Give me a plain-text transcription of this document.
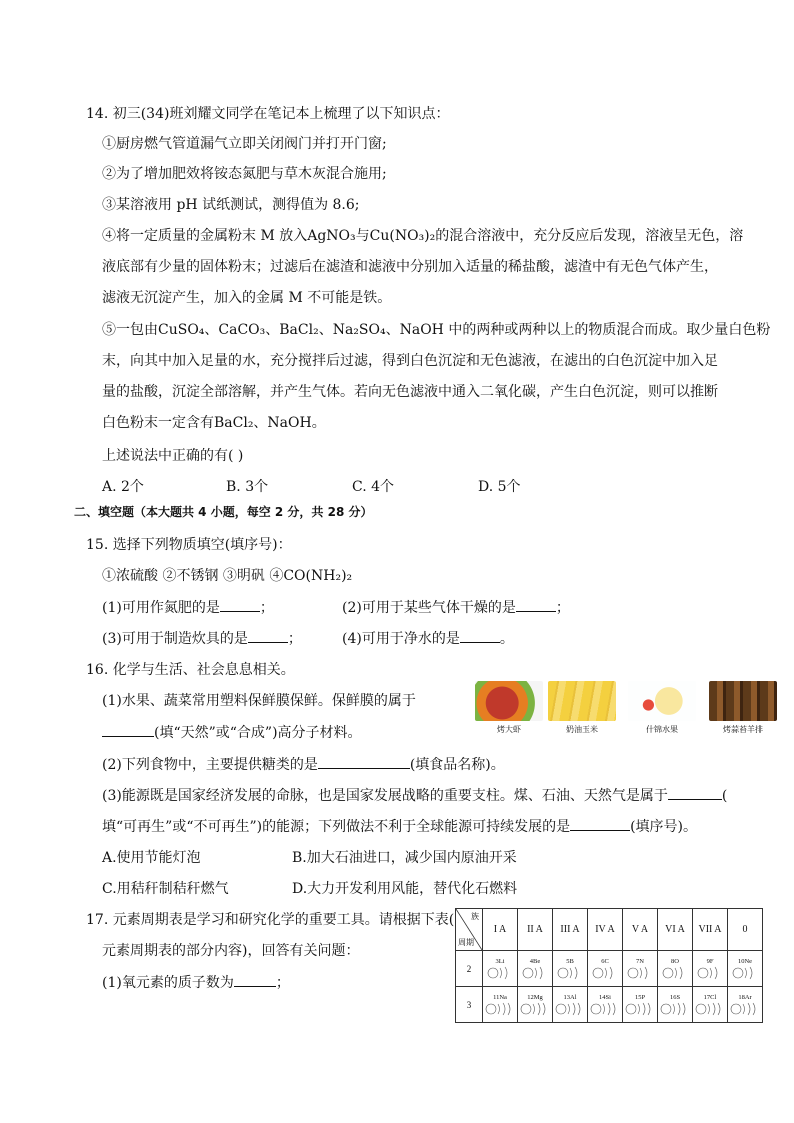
14. 初三(34)班刘耀文同学在笔记本上梳理了以下知识点：
①厨房燃气管道漏气立即关闭阀门并打开门窗;
②为了增加肥效将铵态氮肥与草木灰混合施用;
③某溶液用 pH 试纸测试，测得值为 8.6;
④将一定质量的金属粉末 M 放入AgNO₃与Cu(NO₃)₂的混合溶液中，充分反应后发现，溶液呈无色，溶
液底部有少量的固体粉末；过滤后在滤渣和滤液中分别加入适量的稀盐酸，滤渣中有无色气体产生，
滤液无沉淀产生，加入的金属 M 不可能是铁。
⑤一包由CuSO₄、CaCO₃、BaCl₂、Na₂SO₄、NaOH 中的两种或两种以上的物质混合而成。取少量白色粉
末，向其中加入足量的水，充分搅拌后过滤，得到白色沉淀和无色滤液，在滤出的白色沉淀中加入足
量的盐酸，沉淀全部溶解，并产生气体。若向无色滤液中通入二氧化碳，产生白色沉淀，则可以推断
白色粉末一定含有BaCl₂、NaOH。
上述说法中正确的有( )
A. 2个	B. 3个	C. 4个	D. 5个
二、填空题（本大题共 4 小题，每空 2 分，共 28 分）
15. 选择下列物质填空(填序号)：
①浓硫酸 ②不锈钢 ③明矾 ④CO(NH₂)₂
(1)可用作氮肥的是	；	(2)可用于某些气体干燥的是	；
(3)可用于制造炊具的是	；	(4)可用于净水的是	。
16. 化学与生活、社会息息相关。
(1)水果、蔬菜常用塑料保鲜膜保鲜。保鲜膜的属于
(填“天然”或“合成”)高分子材料。	烤大虾	奶油玉米	什锦水果	烤蒜苔羊排
(2)下列食物中，主要提供糖类的是	(填食品名称)。
(3)能源既是国家经济发展的命脉，也是国家发展战略的重要支柱。煤、石油、天然气是属于	(
填“可再生”或“不可再生”)的能源；下列做法不利于全球能源可持续发展的是	(填序号)。
A.使用节能灯泡	B.加大石油进口，减少国内原油开采
C.用秸秆制秸秆燃气	D.大力开发利用风能，替代化石燃料
17. 元素周期表是学习和研究化学的重要工具。请根据下表(
元素周期表的部分内容)，回答有关问题：
(1)氧元素的质子数为	；
族
周期	I A	II A	III A	IV A	V A	VI A	VII A	0
2	3Li	4Be	5B	6C	7N	8O	9F	10Ne

3	11Na	12Mg	13Al	14Si	15P	16S	17Cl	18Ar
